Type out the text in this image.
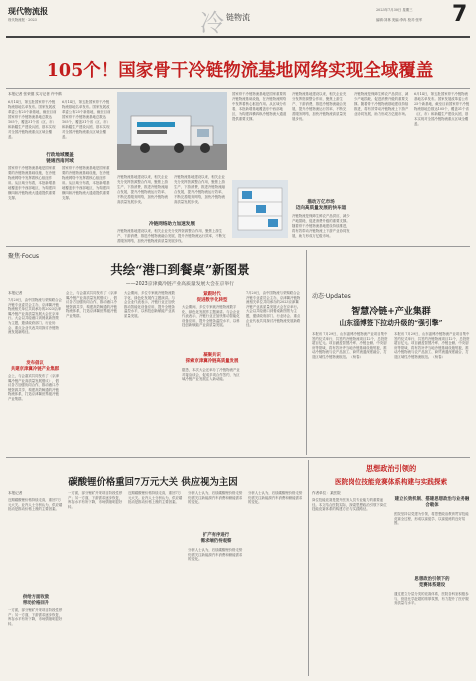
现代物流报
现代物流报 · 2023	冷 链物流
2023年7月30日 星期三
编辑:刘林 美编:李冉 校对:张军	7
105个！国家骨干冷链物流基地网络实现全域覆盖
本报记者 张荣德 实习记者 许中鹤
6月14日，第五批国家骨干冷链物流基地名单发布。国家发展改革委公布25个新基地，截至目前国家骨干冷链物流基地总数达105个，覆盖31个省（区、市）和新疆生产建设兵团，基本实现对全国冷链物流重点区域全覆盖。
6月14日，第五批国家骨干冷链物流基地名单发布。国家发展改革委公布25个新基地，截至目前国家骨干冷链物流基地总数达105个，覆盖31个省（区、市）和新疆生产建设兵团，基本实现对全国冷链物流重点区域全覆盖。
行政地域覆盖
链通西南河域
国家骨干冷链物流基地是国家重要的冷链物流基础设施，在冷链物流网络中发挥着核心枢纽作用。从区域分布看，本批新增基地覆盖东中西部地区，为构建四横四纵冷链物流大通道提供重要支撑。
国家骨干冷链物流基地是国家重要的冷链物流基础设施，在冷链物流网络中发挥着核心枢纽作用。从区域分布看，本批新增基地覆盖东中西部地区，为构建四横四纵冷链物流大通道提供重要支撑。
冷链物流基地建设以来，相关企业充分发挥资源整合作用，聚焦上游生产、下游消费，推进冷链物流融合发展，提升冷链物流运行效率，不断完善服务网络，加快冷链物流高质量发展步伐。
冷链物流基地建设以来，相关企业充分发挥资源整合作用，聚焦上游生产、下游消费，推进冷链物流融合发展，提升冷链物流运行效率，不断完善服务网络，加快冷链物流高质量发展步伐。
冷链网络助力加速发展
冷链物流基地建设以来，相关企业充分发挥资源整合作用，聚焦上游生产、下游消费，推进冷链物流融合发展，提升冷链物流运行效率，不断完善服务网络，加快冷链物流高质量发展步伐。
国家骨干冷链物流基地是国家重要的冷链物流基础设施，在冷链物流网络中发挥着核心枢纽作用。从区域分布看，本批新增基地覆盖东中西部地区，为构建四横四纵冷链物流大通道提供重要支撑。
冷链物流基地建设以来，相关企业充分发挥资源整合作用，聚焦上游生产、下游消费，推进冷链物流融合发展，提升冷链物流运行效率，不断完善服务网络，加快冷链物流高质量发展步伐。
描动万亿市场
迈向高质量发展的快车道
冷链物流是保障生鲜农产品供应、减少产地损耗、促进消费升级的重要支撑。随着骨干冷链物流基地建设持续推进，将有效带动冷链物流上下游产业协同发展，助力形成万亿级市场。
冷链物流是保障生鲜农产品供应、减少产地损耗、促进消费升级的重要支撑。随着骨干冷链物流基地建设持续推进，将有效带动冷链物流上下游产业协同发展，助力形成万亿级市场。
6月14日，第五批国家骨干冷链物流基地名单发布。国家发展改革委公布25个新基地，截至目前国家骨干冷链物流基地总数达105个，覆盖31个省（区、市）和新疆生产建设兵团，基本实现对全国冷链物流重点区域全覆盖。
聚焦·Focus
共绘“港口到餐桌”新图景
——2023京津冀冷链产业高质量发展大会在京举行
本报记者
7月20日，由中国物流与采购联合会冷链专业委员会主办，京津冀冷链物流相关单位共同承办的2023京津冀冷链产业高质量发展大会在京举行。大会以共绘港口到餐桌新图景为主题，邀请政府部门、行业协会、重点企业代表共同探讨冷链物流发展新路径。
发布倡议
共建京津冀冷链产业集群
会上，与会嘉宾共同发布了《京津冀冷链产业高质量发展倡议》，倡议各方加强协同合作，推动港口冷链资源共享，构建高效畅通的冷链物流体系，打造京津冀世界级冷链产业集群。
会上，与会嘉宾共同发布了《京津冀冷链产业高质量发展倡议》，倡议各方加强协同合作，推动港口冷链资源共享，构建高效畅通的冷链物流体系，打造京津冀世界级冷链产业集群。
大会期间，多位专家就冷链物流数字化、绿色化发展作主题演讲。与会企业代表表示，冷链行业正加快推动智能化设备应用，提升全链条温控水平，以科技创新赋能产业高质量发展。
紧跟时代
促进数字化转型
大会期间，多位专家就冷链物流数字化、绿色化发展作主题演讲。与会企业代表表示，冷链行业正加快推动智能化设备应用，提升全链条温控水平，以科技创新赋能产业高质量发展。
凝聚共识
探索京津冀冷链高质量发展
据悉，本次大会还举办了冷链物流产业对接洽谈会，促成多项合作签约，为区域冷链产业发展注入新动能。
7月20日，由中国物流与采购联合会冷链专业委员会主办，京津冀冷链物流相关单位共同承办的2023京津冀冷链产业高质量发展大会在京举行。大会以共绘港口到餐桌新图景为主题，邀请政府部门、行业协会、重点企业代表共同探讨冷链物流发展新路径。
动态·Updates
智慧冷链+产业集群
山东淄博签下拉动升级的“强引擎”
本报讯 7月29日，山东淄博冷链物流产业项目集中签约仪式举行，共签约冷链物流项目12个，总投资超百亿元。项目涵盖智慧冷库、冷链仓储、中央厨房等领域，将有效补齐当地冷链基础设施短板，推动冷链物流与农产品加工、商贸流通深度融合，打造区域性冷链物流枢纽。（杨春）
本报讯 7月29日，山东淄博冷链物流产业项目集中签约仪式举行，共签约冷链物流项目12个，总投资超百亿元。项目涵盖智慧冷库、冷链仓储、中央厨房等领域，将有效补齐当地冷链基础设施短板，推动冷链物流与农产品加工、商贸流通深度融合，打造区域性冷链物流枢纽。（杨春）
碳酸锂价格重回7万元大关 供应视为主因
本报记者
近期碳酸锂价格持续走高，重回7万元大关。业内人士分析认为，供应端扰动是推动价格上涨的主要因素。
供给方面收敛
带动价格回升
一方面，部分锂矿开采项目阶段性停产；另一方面，下游需求逐步恢复，库存水平有所下降，市场情绪明显好转。
一方面，部分锂矿开采项目阶段性停产；另一方面，下游需求逐步恢复，库存水平有所下降，市场情绪明显好转。
近期碳酸锂价格持续走高，重回7万元大关。业内人士分析认为，供应端扰动是推动价格上涨的主要因素。
扩产有序进行
需求端仍待观察
分析人士认为，后续碳酸锂价格走势仍需关注新能源汽车消费和储能需求的变化。
分析人士认为，后续碳酸锂价格走势仍需关注新能源汽车消费和储能需求的变化。
分析人士认为，后续碳酸锂价格走势仍需关注新能源汽车消费和储能需求的变化。
思想政治引领的
医院岗位技能竞赛体系构建与实践探索
作者单位：某医院
岗位技能竞赛是提升医务人员专业能力的重要途径。本文结合医院实际，探索思想政治引领下岗位技能竞赛体系的构建方法与实践路径。
建立长效机制、搭建思想政治与业务融合载体
医院坚持以党建为引领，将思想政治教育贯穿技能竞赛全过程，形成以赛促学、以赛促练的良好氛围。
思想政治引领下的
竞赛体系建设
通过建立分层分类的竞赛体系，医院各科室积极参与，营造比学赶超的浓厚氛围，有力提升了医疗服务质量与水平。
